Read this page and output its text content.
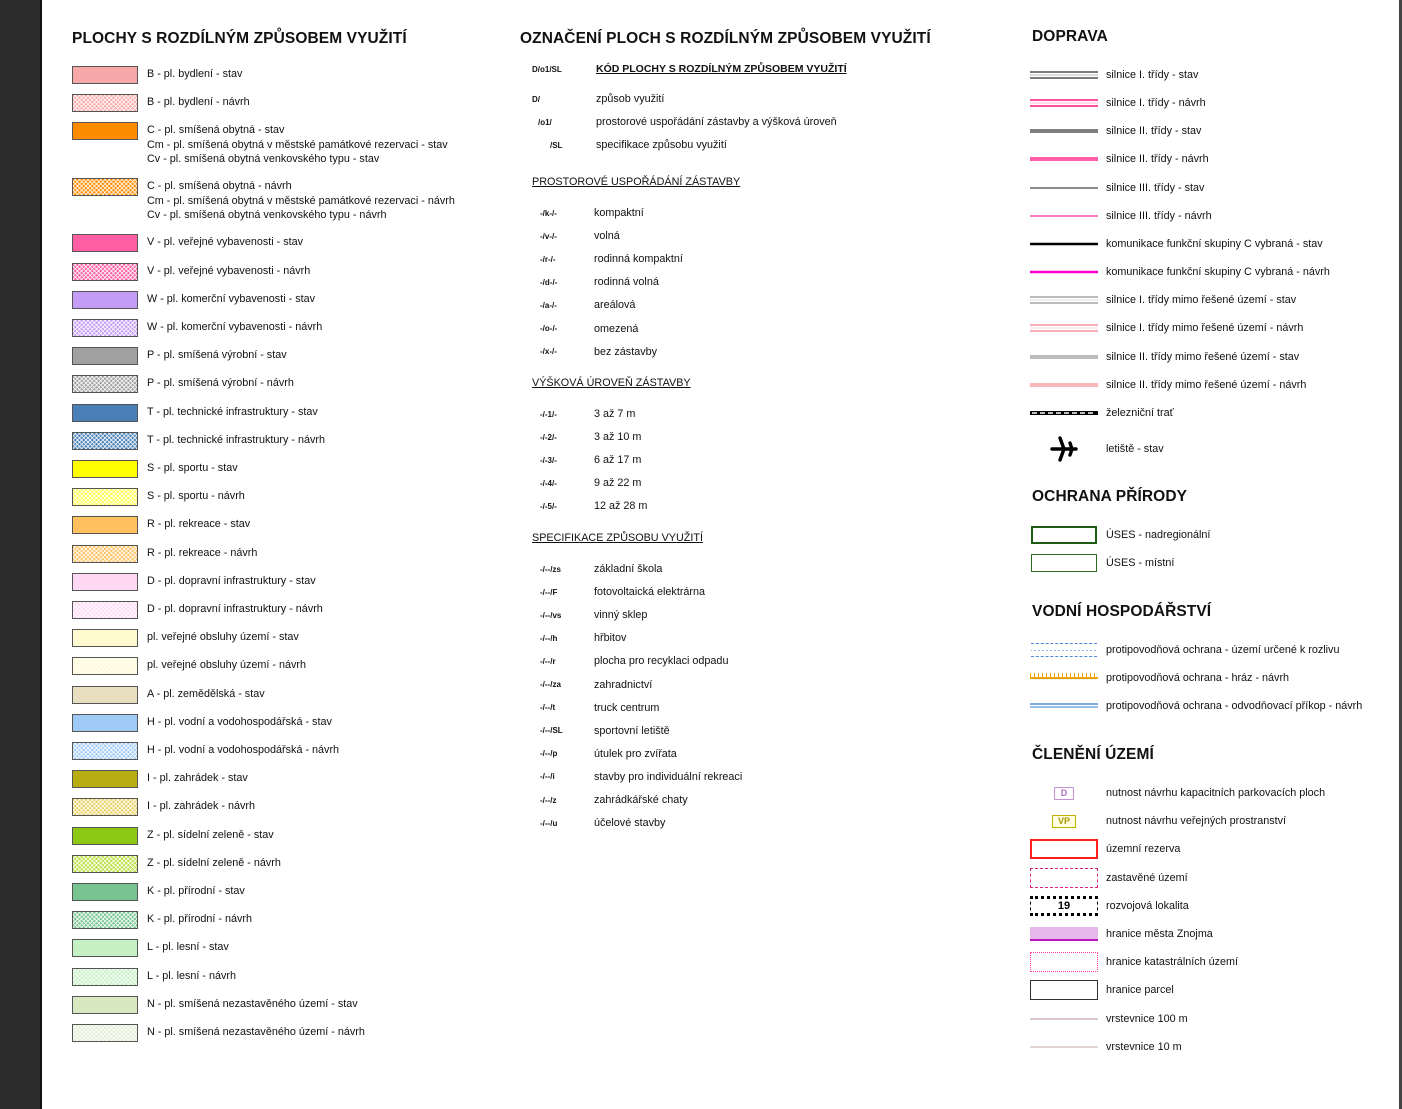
PLOCHY S ROZDÍLNÝM ZPŮSOBEM VYUŽITÍ
B - pl. bydlení - stav
B - pl. bydlení - návrh
C - pl. smíšená obytná - stav
Cm - pl. smíšená obytná v městské památkové rezervaci - stav
Cv - pl. smíšená obytná venkovského typu - stav
C - pl. smíšená obytná - návrh
Cm - pl. smíšená obytná v městské památkové rezervaci - návrh
Cv - pl. smíšená obytná venkovského typu - návrh
V - pl. veřejné vybavenosti - stav
V - pl. veřejné vybavenosti - návrh
W - pl. komerční vybavenosti - stav
W - pl. komerční vybavenosti - návrh
P - pl. smíšená výrobní - stav
P - pl. smíšená výrobní - návrh
T - pl. technické infrastruktury - stav
T - pl. technické infrastruktury - návrh
S - pl. sportu - stav
S - pl. sportu - návrh
R - pl. rekreace - stav
R - pl. rekreace - návrh
D - pl. dopravní infrastruktury - stav
D - pl. dopravní infrastruktury - návrh
pl. veřejné obsluhy území - stav
pl. veřejné obsluhy území - návrh
A - pl. zemědělská - stav
H - pl. vodní a vodohospodářská - stav
H - pl. vodní a vodohospodářská - návrh
I - pl. zahrádek - stav
I - pl. zahrádek - návrh
Z - pl. sídelní zeleně - stav
Z - pl. sídelní zeleně - návrh
K - pl. přírodní - stav
K - pl. přírodní - návrh
L - pl. lesní - stav
L - pl. lesní - návrh
N - pl. smíšená nezastavěného území - stav
N - pl. smíšená nezastavěného území - návrh
OZNAČENÍ PLOCH S ROZDÍLNÝM ZPŮSOBEM VYUŽITÍ
D/o1/SL	KÓD PLOCHY S ROZDÍLNÝM ZPŮSOBEM VYUŽITÍ
D/	způsob využití
/o1/	prostorové uspořádání zástavby a výšková úroveň
/SL	specifikace způsobu využití
PROSTOROVÉ USPOŘÁDÁNÍ ZÁSTAVBY
-/k-/-	kompaktní
-/v-/-	volná
-/r-/-	rodinná kompaktní
-/d-/-	rodinná volná
-/a-/-	areálová
-/o-/-	omezená
-/x-/-	bez zástavby
VÝŠKOVÁ ÚROVEŇ ZÁSTAVBY
-/-1/-	3 až 7 m
-/-2/-	3 až 10 m
-/-3/-	6 až 17 m
-/-4/-	9 až 22 m
-/-5/-	12 až 28 m
SPECIFIKACE ZPŮSOBU VYUŽITÍ
-/--/zs	základní škola
-/--/F	fotovoltaická elektrárna
-/--/vs	vinný sklep
-/--/h	hřbitov
-/--/r	plocha pro recyklaci odpadu
-/--/za	zahradnictví
-/--/t	truck centrum
-/--/SL	sportovní letiště
-/--/p	útulek pro zvířata
-/--/i	stavby pro individuální rekreaci
-/--/z	zahrádkářské chaty
-/--/u	účelové stavby
DOPRAVA
silnice I. třídy - stav
silnice I. třídy - návrh
silnice II. třídy - stav
silnice II. třídy - návrh
silnice III. třídy - stav
silnice III. třídy - návrh
komunikace funkční skupiny C vybraná - stav
komunikace funkční skupiny C vybraná - návrh
silnice I. třídy mimo řešené území - stav
silnice I. třídy mimo řešené území - návrh
silnice II. třídy mimo řešené území - stav
silnice II. třídy mimo řešené území - návrh
železniční trať
letiště - stav
OCHRANA PŘÍRODY
ÚSES - nadregionální
ÚSES - místní
VODNÍ HOSPODÁŘSTVÍ
protipovodňová ochrana - území určené k rozlivu
protipovodňová ochrana - hráz - návrh
protipovodňová ochrana - odvodňovací příkop - návrh
ČLENĚNÍ ÚZEMÍ
D	nutnost návrhu kapacitních parkovacích ploch
VP	nutnost návrhu veřejných prostranství
územní rezerva
zastavěné území
19	rozvojová lokalita
hranice města Znojma
hranice katastrálních území
hranice parcel
vrstevnice 100 m
vrstevnice 10 m
